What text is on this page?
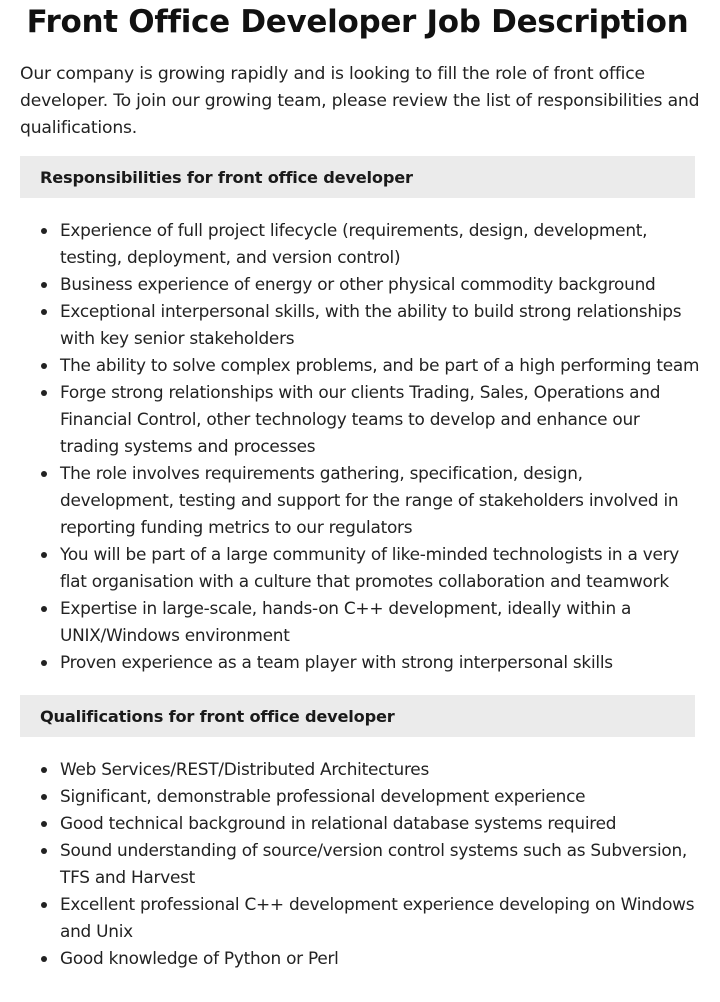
Front Office Developer Job Description

Our company is growing rapidly and is looking to fill the role of front office developer. To join our growing team, please review the list of responsibilities and qualifications.

Responsibilities for front office developer
Experience of full project lifecycle (requirements, design, development, testing, deployment, and version control)
Business experience of energy or other physical commodity background
Exceptional interpersonal skills, with the ability to build strong relationships with key senior stakeholders
The ability to solve complex problems, and be part of a high performing team
Forge strong relationships with our clients Trading, Sales, Operations and Financial Control, other technology teams to develop and enhance our trading systems and processes
The role involves requirements gathering, specification, design, development, testing and support for the range of stakeholders involved in reporting funding metrics to our regulators
You will be part of a large community of like-minded technologists in a very flat organisation with a culture that promotes collaboration and teamwork
Expertise in large-scale, hands-on C++ development, ideally within a UNIX/Windows environment
Proven experience as a team player with strong interpersonal skills
Qualifications for front office developer
Web Services/REST/Distributed Architectures
Significant, demonstrable professional development experience
Good technical background in relational database systems required
Sound understanding of source/version control systems such as Subversion, TFS and Harvest
Excellent professional C++ development experience developing on Windows and Unix
Good knowledge of Python or Perl
